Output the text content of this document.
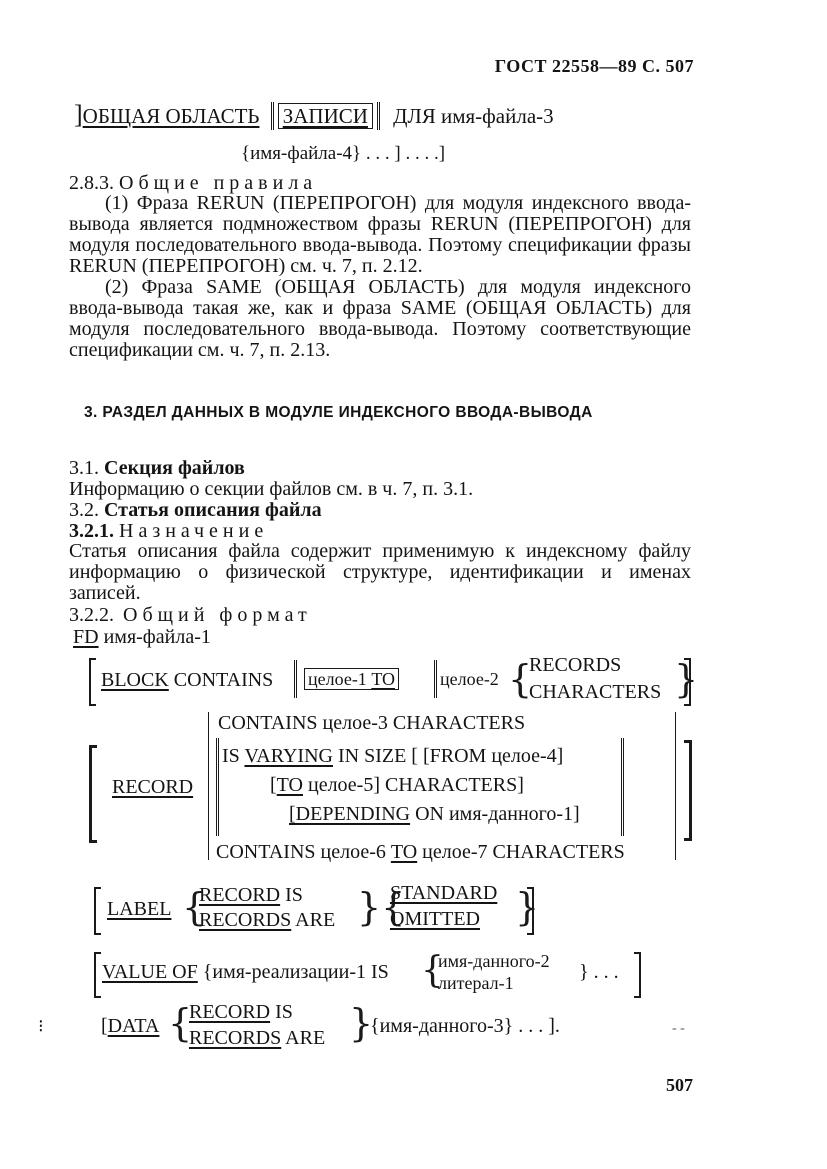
ГОСТ 22558—89 С. 507
]ОБЩАЯ ОБЛАСТЬ ЗАПИСИ ДЛЯ имя-файла-3
{имя-файла-4} . . . ] . . . .]
2.8.3. Общие правила
(1) Фраза RERUN (ПЕРЕПРОГОН) для модуля индексного ввода-вывода является подмножеством фразы RERUN (ПЕРЕПРОГОН) для модуля последовательного ввода-вывода. Поэтому спецификации фразы RERUN (ПЕРЕПРОГОН) см. ч. 7, п. 2.12.
(2) Фраза SAME (ОБЩАЯ ОБЛАСТЬ) для модуля индексного ввода-вывода такая же, как и фраза SAME (ОБЩАЯ ОБЛАСТЬ) для модуля последовательного ввода-вывода. Поэтому соответствующие спецификации см. ч. 7, п. 2.13.
3. РАЗДЕЛ ДАННЫХ В МОДУЛЕ ИНДЕКСНОГО ВВОДА-ВЫВОДА
3.1. Секция файлов
Информацию о секции файлов см. в ч. 7, п. 3.1.
3.2. Статья описания файла
3.2.1. Назначение
Статья описания файла содержит применимую к индексному файлу информацию о физической структуре, идентификации и именах записей.
3.2.2. Общий формат
FD имя-файла-1
BLOCK CONTAINS целое-1 TO	целое-2 {
RECORDS
CHARACTERS }
RECORD
CONTAINS целое-3 CHARACTERS
IS VARYING IN SIZE [ [FROM целое-4]
[TO целое-5] CHARACTERS]
[DEPENDING ON имя-данного-1]
CONTAINS целое-6 TO целое-7 CHARACTERS
LABEL {
RECORD IS
RECORDS ARE }{
STANDARD
OMITTED }
VALUE OF {имя-реализации-1 IS {
имя-данного-2
литерал-1	} . . .
⁝	[DATA {
RECORD IS
RECORDS ARE }
{имя-данного-3} . . . ].	- -
507
